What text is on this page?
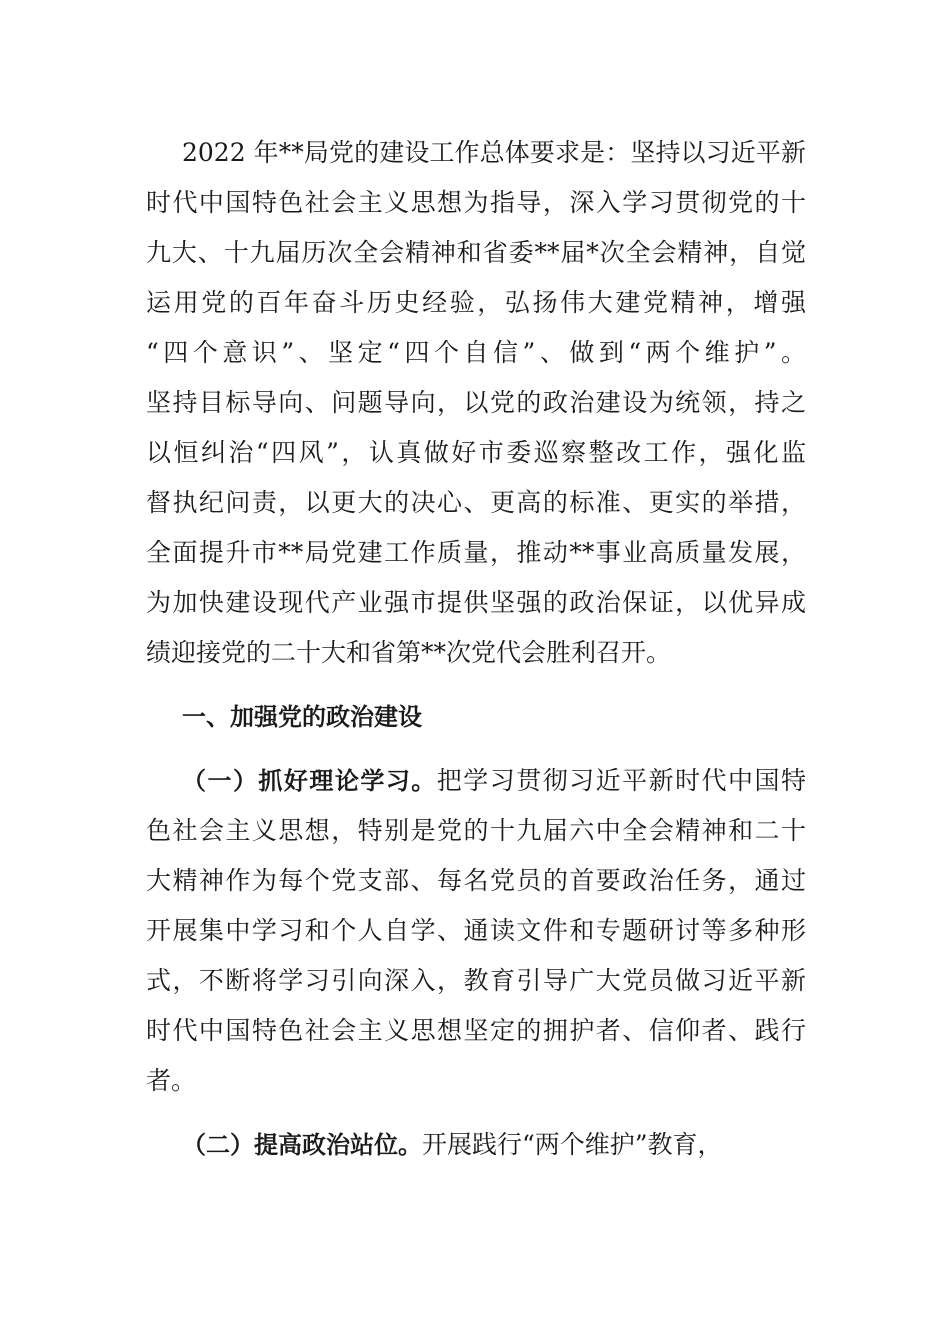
2022 年**局党的建设工作总体要求是：坚持以习近平新
时代中国特色社会主义思想为指导，深入学习贯彻党的十
九大、十九届历次全会精神和省委**届*次全会精神，自觉
运用党的百年奋斗历史经验，弘扬伟大建党精神，增强
“四个意识”、坚定“四个自信”、做到“两个维护”。
坚持目标导向、问题导向，以党的政治建设为统领，持之
以恒纠治“四风”，认真做好市委巡察整改工作，强化监
督执纪问责，以更大的决心、更高的标准、更实的举措，
全面提升市**局党建工作质量，推动**事业高质量发展，
为加快建设现代产业强市提供坚强的政治保证，以优异成
绩迎接党的二十大和省第**次党代会胜利召开。
一、加强党的政治建设
（一）抓好理论学习。把学习贯彻习近平新时代中国特
色社会主义思想，特别是党的十九届六中全会精神和二十
大精神作为每个党支部、每名党员的首要政治任务，通过
开展集中学习和个人自学、通读文件和专题研讨等多种形
式，不断将学习引向深入，教育引导广大党员做习近平新
时代中国特色社会主义思想坚定的拥护者、信仰者、践行
者。
（二）提高政治站位。开展践行“两个维护”教育，
